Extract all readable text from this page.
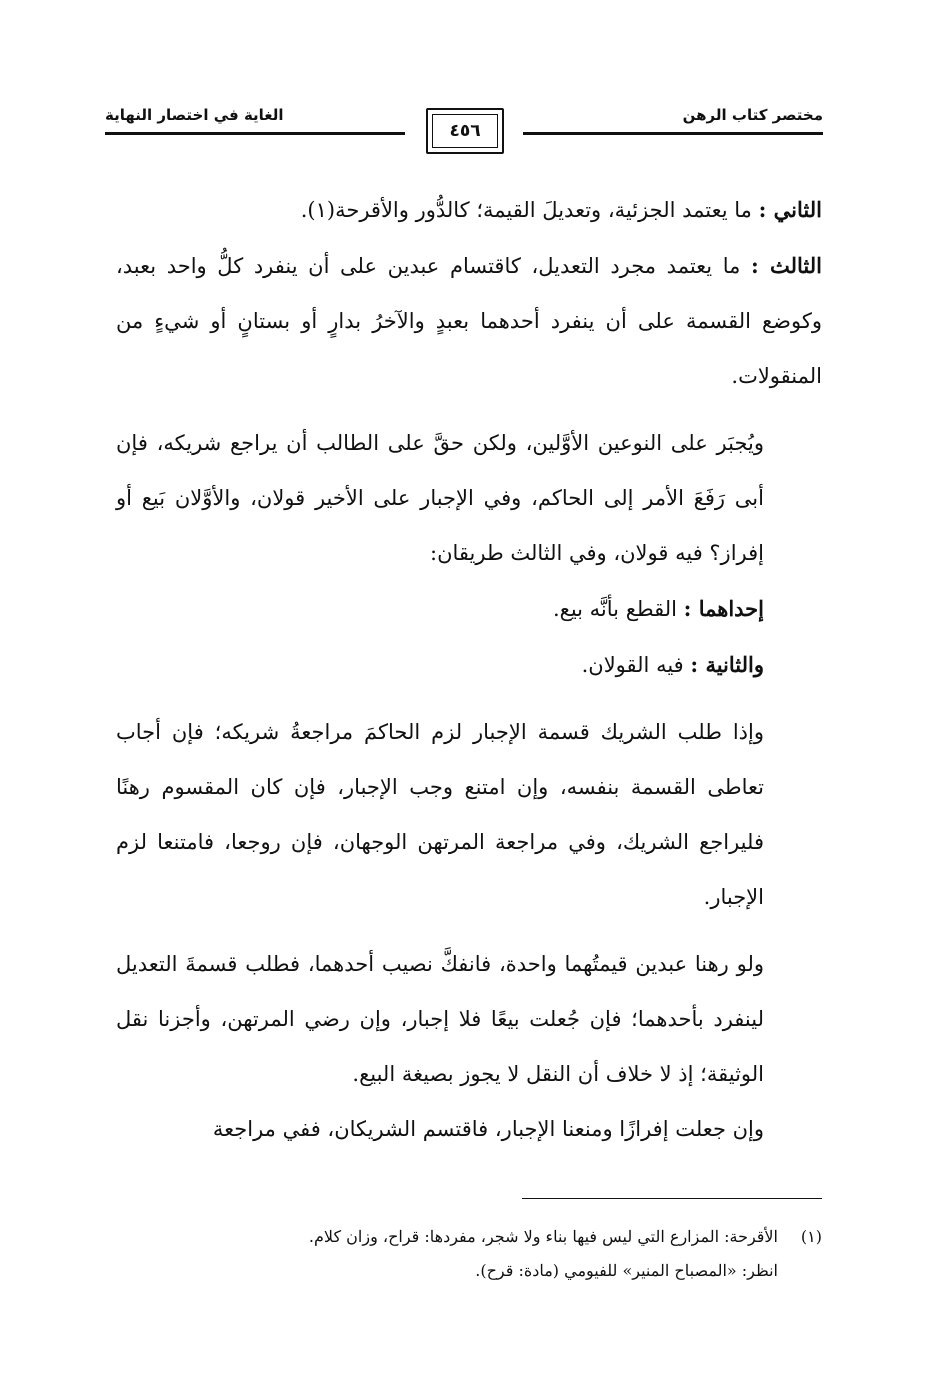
مختصر كتاب الرهن
الغاية في اختصار النهاية
٤٥٦

الثاني : ما يعتمد الجزئية، وتعديلَ القيمة؛ كالدُّور والأقرحة(١).

الثالث : ما يعتمد مجرد التعديل، كاقتسام عبدين على أن ينفرد كلُّ واحد بعبد، وكوضع القسمة على أن ينفرد أحدهما بعبدٍ والآخرُ بدارٍ أو بستانٍ أو شيءٍ من المنقولات.

ويُجبَر على النوعين الأوَّلين، ولكن حقَّ على الطالب أن يراجع شريكه، فإن أبى رَفَعَ الأمر إلى الحاكم، وفي الإجبار على الأخير قولان، والأوَّلان بَيع أو إفراز؟ فيه قولان، وفي الثالث طريقان:

إحداهما : القطع بأنَّه بيع.

والثانية : فيه القولان.

وإذا طلب الشريك قسمة الإجبار لزم الحاكمَ مراجعةُ شريكه؛ فإن أجاب تعاطى القسمة بنفسه، وإن امتنع وجب الإجبار، فإن كان المقسوم رهنًا فليراجع الشريك، وفي مراجعة المرتهن الوجهان، فإن روجعا، فامتنعا لزم الإجبار.

ولو رهنا عبدين قيمتُهما واحدة، فانفكَّ نصيب أحدهما، فطلب قسمةَ التعديل لينفرد بأحدهما؛ فإن جُعلت بيعًا فلا إجبار، وإن رضي المرتهن، وأجزنا نقل الوثيقة؛ إذ لا خلاف أن النقل لا يجوز بصيغة البيع.

وإن جعلت إفرازًا ومنعنا الإجبار، فاقتسم الشريكان، ففي مراجعة

(١)الأقرحة: المزارع التي ليس فيها بناء ولا شجر، مفردها: قراح، وزان كلام.
انظر: «المصباح المنير» للفيومي (مادة: قرح).
